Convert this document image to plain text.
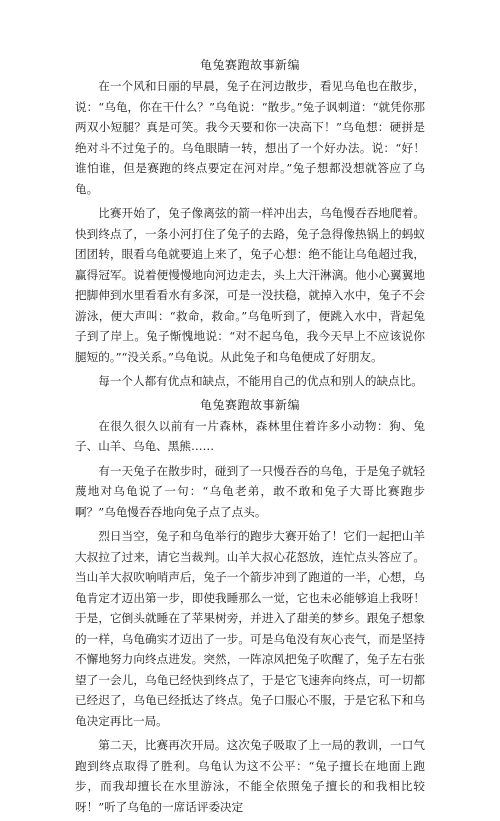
龟兔赛跑故事新编

在一个风和日丽的早晨，兔子在河边散步，看见乌龟也在散步，说：“乌龟，你在干什么？”乌龟说：“散步。”兔子讽刺道：“就凭你那两双小短腿？真是可笑。我今天要和你一决高下！”乌龟想：硬拼是绝对斗不过兔子的。乌龟眼睛一转，想出了一个好办法。说：“好！谁怕谁，但是赛跑的终点要定在河对岸。”兔子想都没想就答应了乌龟。

比赛开始了，兔子像离弦的箭一样冲出去，乌龟慢吞吞地爬着。快到终点了，一条小河打住了兔子的去路，兔子急得像热锅上的蚂蚁团团转，眼看乌龟就要追上来了，兔子心想：绝不能让乌龟超过我，赢得冠军。说着便慢慢地向河边走去，头上大汗淋漓。他小心翼翼地把脚伸到水里看看水有多深，可是一没扶稳，就掉入水中，兔子不会游泳，便大声叫：“救命，救命。”乌龟听到了，便跳入水中，背起兔子到了岸上。兔子惭愧地说：“对不起乌龟，我今天早上不应该说你腿短的。”“没关系。”乌龟说。从此兔子和乌龟便成了好朋友。

每一个人都有优点和缺点，不能用自己的优点和别人的缺点比。

龟兔赛跑故事新编

在很久很久以前有一片森林，森林里住着许多小动物：狗、兔子、山羊、乌龟、黑熊……

有一天兔子在散步时，碰到了一只慢吞吞的乌龟，于是兔子就轻蔑地对乌龟说了一句：“乌龟老弟，敢不敢和兔子大哥比赛跑步啊？”乌龟慢吞吞地向兔子点了点头。

烈日当空，兔子和乌龟举行的跑步大赛开始了！它们一起把山羊大叔拉了过来，请它当裁判。山羊大叔心花怒放，连忙点头答应了。当山羊大叔吹响哨声后，兔子一个箭步冲到了跑道的一半，心想，乌龟肯定才迈出第一步，即使我睡那么一觉，它也未必能够追上我呀！于是，它倒头就睡在了苹果树旁，并进入了甜美的梦乡。跟兔子想象的一样，乌龟确实才迈出了一步。可是乌龟没有灰心丧气，而是坚持不懈地努力向终点进发。突然，一阵凉风把兔子吹醒了，兔子左右张望了一会儿，乌龟已经快到终点了，于是它飞速奔向终点，可一切都已经迟了，乌龟已经抵达了终点。兔子口服心不服，于是它私下和乌龟决定再比一局。

第二天，比赛再次开局。这次兔子吸取了上一局的教训，一口气跑到终点取得了胜利。乌龟认为这不公平：“兔子擅长在地面上跑步，而我却擅长在水里游泳，不能全依照兔子擅长的和我相比较呀！”听了乌龟的一席话评委决定
